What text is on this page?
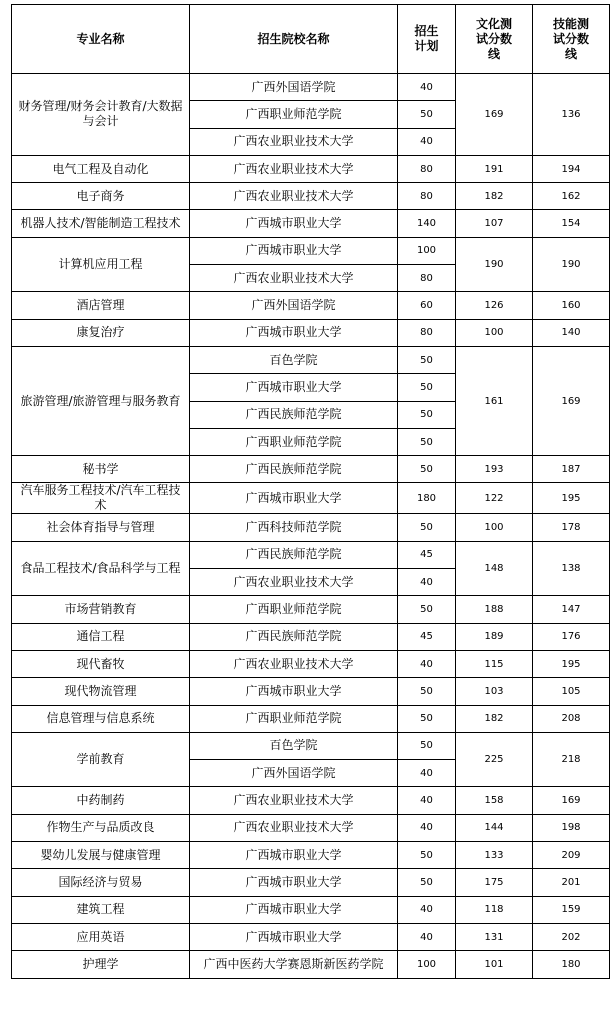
专业名称	招生院校名称	招生计划	文化测试分数线	技能测试分数线
财务管理/财务会计教育/大数据与会计	广西外国语学院	40	169	136
	广西职业师范学院	50		
	广西农业职业技术大学	40		
电气工程及自动化	广西农业职业技术大学	80	191	194
电子商务	广西农业职业技术大学	80	182	162
机器人技术/智能制造工程技术	广西城市职业大学	140	107	154
计算机应用工程	广西城市职业大学	100	190	190
	广西农业职业技术大学	80		
酒店管理	广西外国语学院	60	126	160
康复治疗	广西城市职业大学	80	100	140
旅游管理/旅游管理与服务教育	百色学院	50	161	169
	广西城市职业大学	50		
	广西民族师范学院	50		
	广西职业师范学院	50		
秘书学	广西民族师范学院	50	193	187
汽车服务工程技术/汽车工程技术	广西城市职业大学	180	122	195
社会体育指导与管理	广西科技师范学院	50	100	178
食品工程技术/食品科学与工程	广西民族师范学院	45	148	138
	广西农业职业技术大学	40		
市场营销教育	广西职业师范学院	50	188	147
通信工程	广西民族师范学院	45	189	176
现代畜牧	广西农业职业技术大学	40	115	195
现代物流管理	广西城市职业大学	50	103	105
信息管理与信息系统	广西职业师范学院	50	182	208
学前教育	百色学院	50	225	218
	广西外国语学院	40		
中药制药	广西农业职业技术大学	40	158	169
作物生产与品质改良	广西农业职业技术大学	40	144	198
婴幼儿发展与健康管理	广西城市职业大学	50	133	209
国际经济与贸易	广西城市职业大学	50	175	201
建筑工程	广西城市职业大学	40	118	159
应用英语	广西城市职业大学	40	131	202
护理学	广西中医药大学赛恩斯新医药学院	100	101	180
